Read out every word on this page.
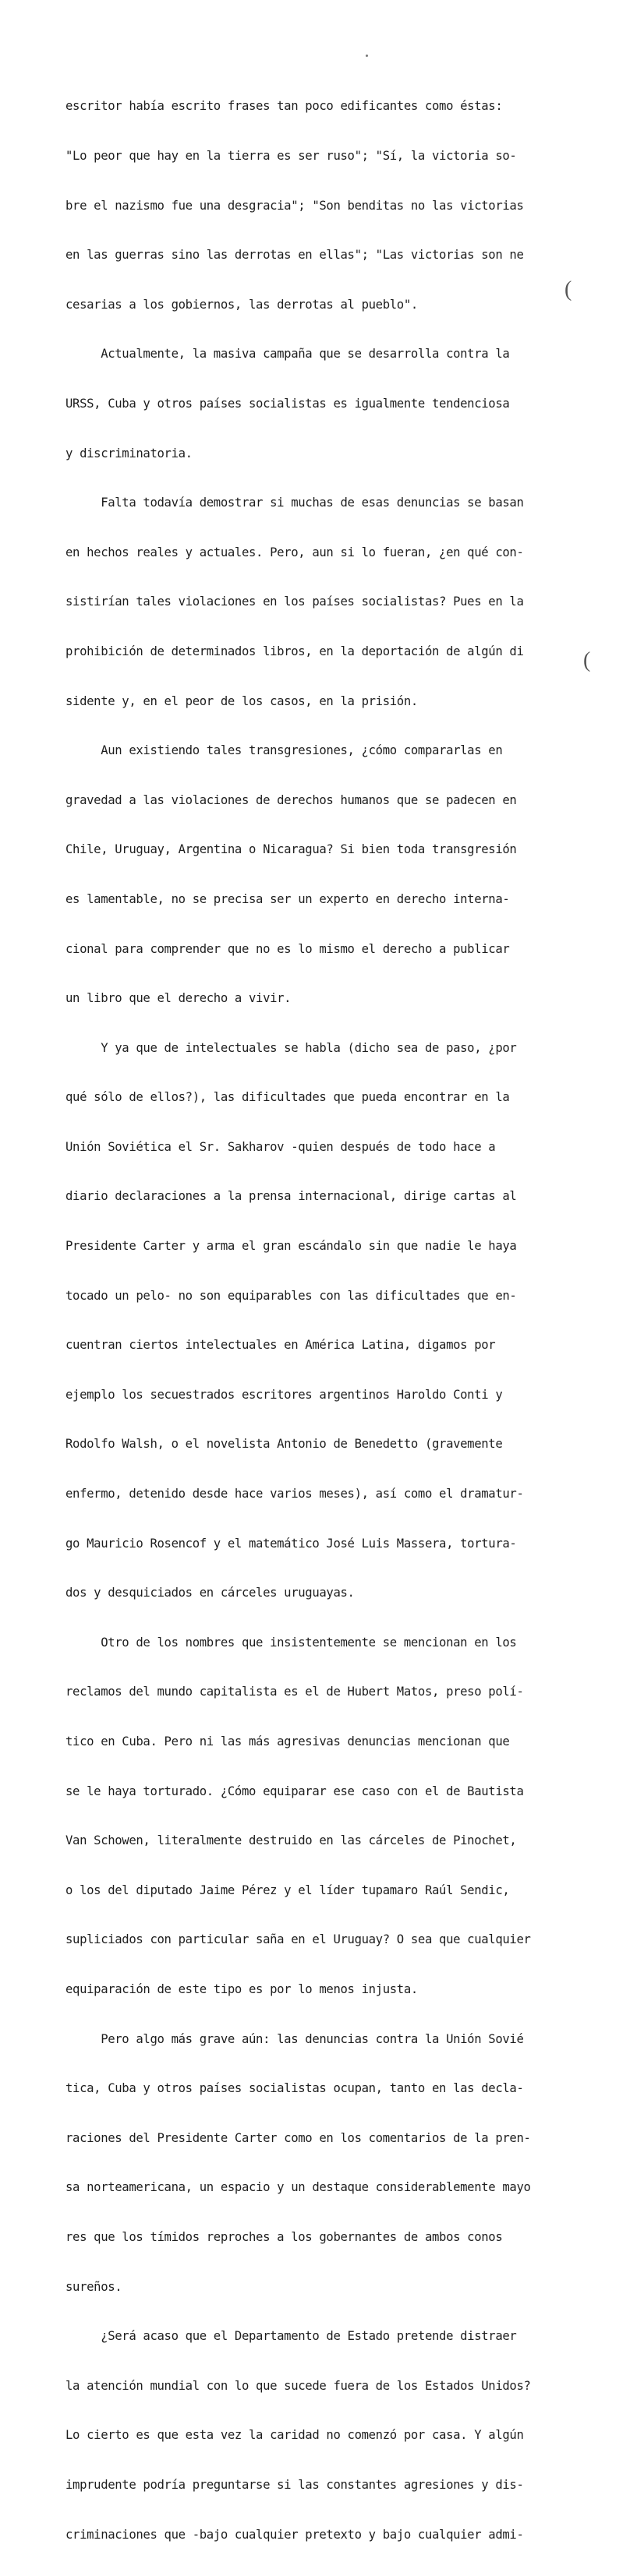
escritor había escrito frases tan poco edificantes como éstas:

"Lo peor que hay en la tierra es ser ruso"; "Sí, la victoria so-

bre el nazismo fue una desgracia"; "Son benditas no las victorias

en las guerras sino las derrotas en ellas"; "Las victorias son ne

cesarias a los gobiernos, las derrotas al pueblo".

Actualmente, la masiva campaña que se desarrolla contra la

URSS, Cuba y otros países socialistas es igualmente tendenciosa

y discriminatoria.

Falta todavía demostrar si muchas de esas denuncias se basan

en hechos reales y actuales. Pero, aun si lo fueran, ¿en qué con-

sistirían tales violaciones en los países socialistas? Pues en la

prohibición de determinados libros, en la deportación de algún di

sidente y, en el peor de los casos, en la prisión.

Aun existiendo tales transgresiones, ¿cómo compararlas en

gravedad a las violaciones de derechos humanos que se padecen en

Chile, Uruguay, Argentina o Nicaragua? Si bien toda transgresión

es lamentable, no se precisa ser un experto en derecho interna-

cional para comprender que no es lo mismo el derecho a publicar

un libro que el derecho a vivir.

Y ya que de intelectuales se habla (dicho sea de paso, ¿por

qué sólo de ellos?), las dificultades que pueda encontrar en la

Unión Soviética el Sr. Sakharov -quien después de todo hace a

diario declaraciones a la prensa internacional, dirige cartas al

Presidente Carter y arma el gran escándalo sin que nadie le haya

tocado un pelo- no son equiparables con las dificultades que en-

cuentran ciertos intelectuales en América Latina, digamos por

ejemplo los secuestrados escritores argentinos Haroldo Conti y

Rodolfo Walsh, o el novelista Antonio de Benedetto (gravemente

enfermo, detenido desde hace varios meses), así como el dramatur-

go Mauricio Rosencof y el matemático José Luis Massera, tortura-

dos y desquiciados en cárceles uruguayas.

Otro de los nombres que insistentemente se mencionan en los

reclamos del mundo capitalista es el de Hubert Matos, preso polí-

tico en Cuba. Pero ni las más agresivas denuncias mencionan que

se le haya torturado. ¿Cómo equiparar ese caso con el de Bautista

Van Schowen, literalmente destruido en las cárceles de Pinochet,

o los del diputado Jaime Pérez y el líder tupamaro Raúl Sendic,

supliciados con particular saña en el Uruguay? O sea que cualquier

equiparación de este tipo es por lo menos injusta.

Pero algo más grave aún: las denuncias contra la Unión Sovié

tica, Cuba y otros países socialistas ocupan, tanto en las decla-

raciones del Presidente Carter como en los comentarios de la pren-

sa norteamericana, un espacio y un destaque considerablemente mayo

res que los tímidos reproches a los gobernantes de ambos conos

sureños.

¿Será acaso que el Departamento de Estado pretende distraer

la atención mundial con lo que sucede fuera de los Estados Unidos?

Lo cierto es que esta vez la caridad no comenzó por casa. Y algún

imprudente podría preguntarse si las constantes agresiones y dis-

criminaciones que -bajo cualquier pretexto y bajo cualquier admi-

(
(
